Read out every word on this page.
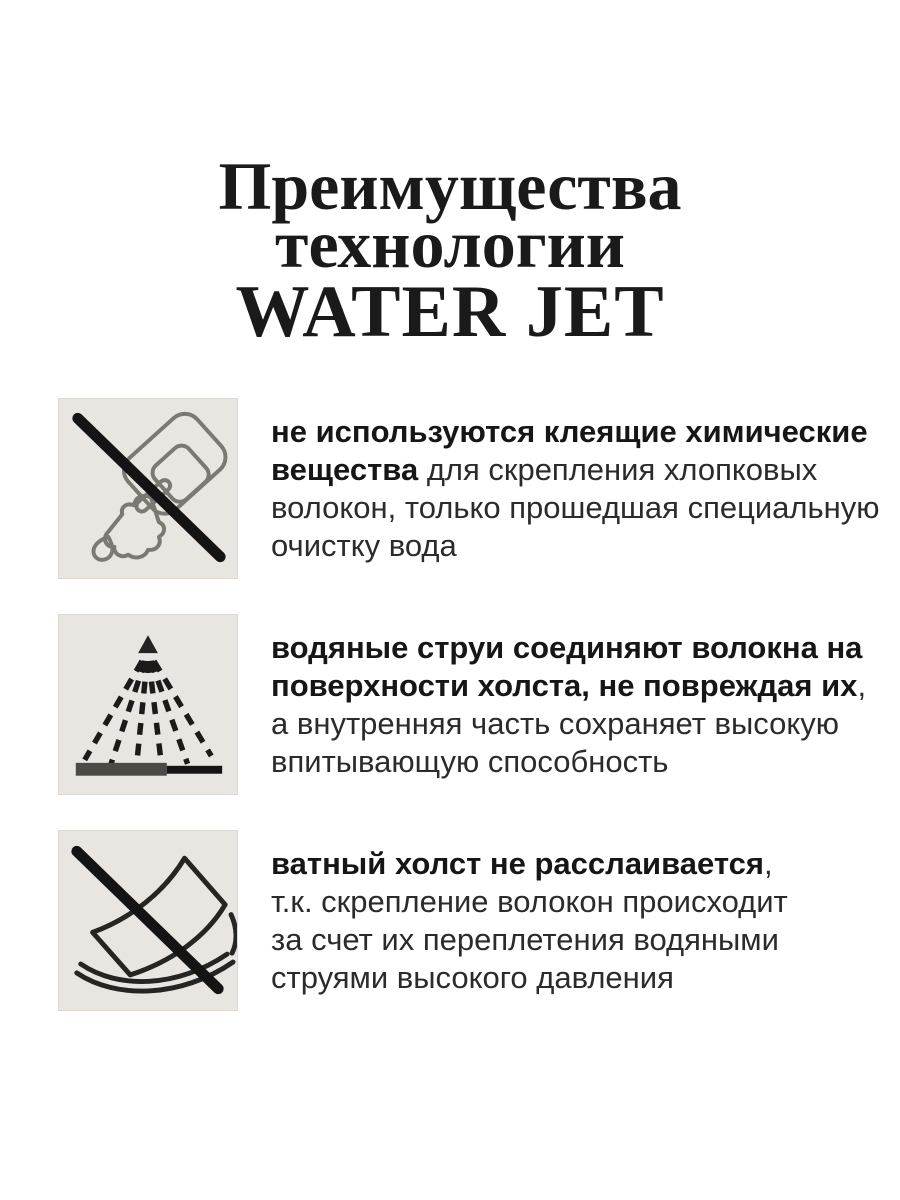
Преимущества
технологии
WATER JET
не используются клеящие химические
вещества для скрепления хлопковых
волокон, только прошедшая специальную
очистку вода
водяные струи соединяют волокна на
поверхности холста, не повреждая их,
а внутренняя часть сохраняет высокую
впитывающую способность
ватный холст не расслаивается,
т.к. скрепление волокон происходит
за счет их переплетения водяными
струями высокого давления
